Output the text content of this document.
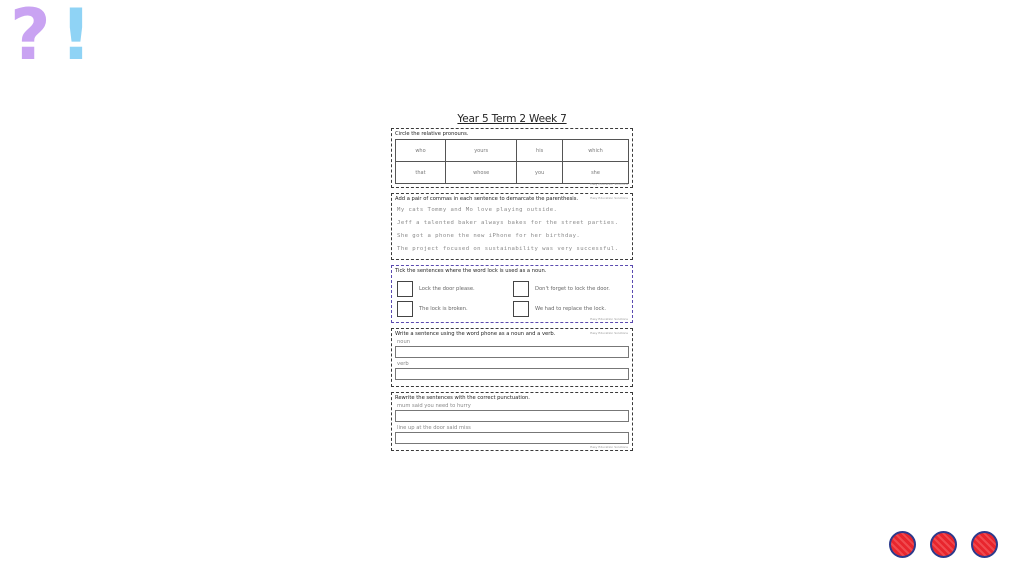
? !
Year 5 Term 2 Week 7
Circle the relative pronouns.
who	yours	his	which
that	whose	you	she
Easy Education Solutions
Easy Education Solutions
Add a pair of commas in each sentence to demarcate the parenthesis.
My cats Tommy and Mo love playing outside.
Jeff a talented baker always bakes for the street parties.
She got a phone the new iPhone for her birthday.
The project focused on sustainability was very successful.
Tick the sentences where the word lock is used as a noun.
Lock the door please.	Don't forget to lock the door.
The lock is broken.	We had to replace the lock.
Easy Education Solutions
Easy Education Solutions
Write a sentence using the word phone as a noun and a verb.
noun
verb
Rewrite the sentences with the correct punctuation.
mum said you need to hurry
line up at the door said miss
Easy Education Solutions
